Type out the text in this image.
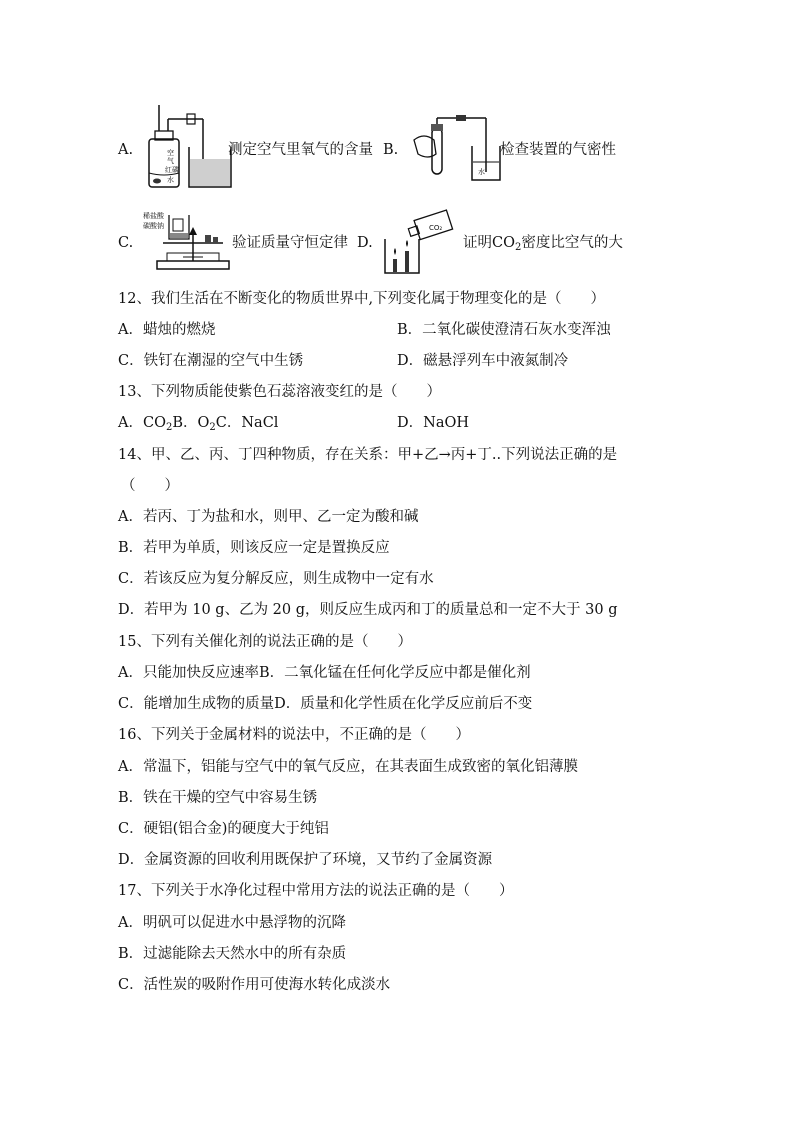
A.	空
气
红磷
水
测定空气里氧气的含量 B.
水
检查装置的气密性
C.
稀盐酸
碳酸钠
验证质量守恒定律 D.
CO₂
证明$CO_2$密度比空气的大
12、我们生活在不断变化的物质世界中,下列变化属于物理变化的是（　　）
A．蜡烛的燃烧	B．二氧化碳使澄清石灰水变浑浊
C．铁钉在潮湿的空气中生锈	D．磁悬浮列车中液氮制冷
13、下列物质能使紫色石蕊溶液变红的是（　　）
A．$CO_2B$．$O_2C$．NaCl	D．NaOH
14、甲、乙、丙、丁四种物质，存在关系：甲+乙→丙+丁..下列说法正确的是
（　　）
A．若丙、丁为盐和水，则甲、乙一定为酸和碱
B．若甲为单质，则该反应一定是置换反应
C．若该反应为复分解反应，则生成物中一定有水
D．若甲为 10 g、乙为 20 g，则反应生成丙和丁的质量总和一定不大于 30 g
15、下列有关催化剂的说法正确的是（　　）
A．只能加快反应速率B．二氧化锰在任何化学反应中都是催化剂
C．能增加生成物的质量D．质量和化学性质在化学反应前后不变
16、下列关于金属材料的说法中，不正确的是（　　）
A．常温下，铝能与空气中的氧气反应，在其表面生成致密的氧化铝薄膜
B．铁在干燥的空气中容易生锈
C．硬铝(铝合金)的硬度大于纯铝
D．金属资源的回收利用既保护了环境，又节约了金属资源
17、下列关于水净化过程中常用方法的说法正确的是（　　）
A．明矾可以促进水中悬浮物的沉降
B．过滤能除去天然水中的所有杂质
C．活性炭的吸附作用可使海水转化成淡水
